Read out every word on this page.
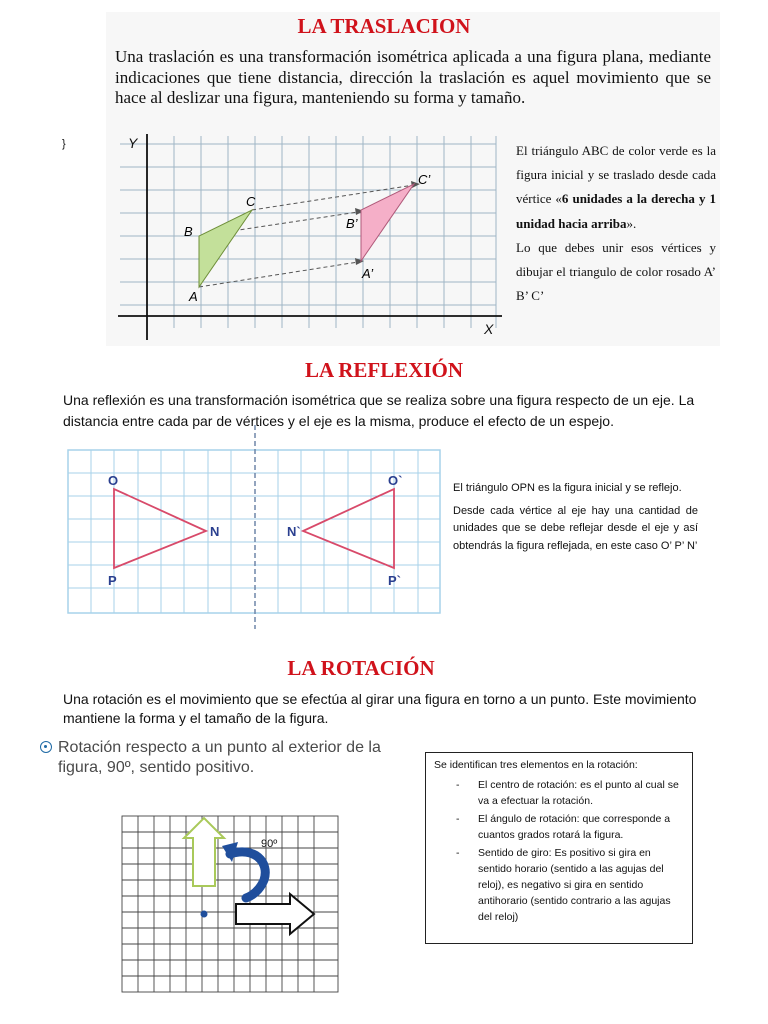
LA TRASLACION
Una traslación es una transformación isométrica aplicada a una figura plana, mediante indicaciones que tiene distancia, dirección la traslación es aquel movimiento que se hace al deslizar una figura, manteniendo su forma y tamaño.
}	Y
X
A
B
C
A’
B’
C’

El triángulo ABC de color verde es la figura inicial y se traslado desde cada vértice «6 unidades a la derecha y 1 unidad hacia arriba».

Lo que debes unir esos vértices y dibujar el triangulo de color rosado A’ B’ C’

LA REFLEXIÓN
Una reflexión es una transformación isométrica que se realiza sobre una figura respecto de un eje. La distancia entre cada par de vértices y el eje es la misma, produce el efecto de un espejo.
O
P
N
O`
P`
N`
El triángulo OPN es la figura inicial y se reflejo.
Desde cada vértice al eje hay una cantidad de unidades que se debe reflejar desde el eje y así obtendrás la figura reflejada, en este caso O’ P’ N’
LA ROTACIÓN
Una rotación es el movimiento que se efectúa al girar una figura en torno a un punto. Este movimiento mantiene la forma y el tamaño de la figura.
Rotación respecto a un punto al exterior de la figura, 90º, sentido positivo.
90º
Se identifican tres elementos en la rotación:
- El centro de rotación: es el punto al cual se va a efectuar la rotación.
- El ángulo de rotación: que corresponde a cuantos grados rotará la figura.
- Sentido de giro: Es positivo si gira en sentido horario (sentido a las agujas del reloj), es negativo si gira en sentido antihorario (sentido contrario a las agujas del reloj)
